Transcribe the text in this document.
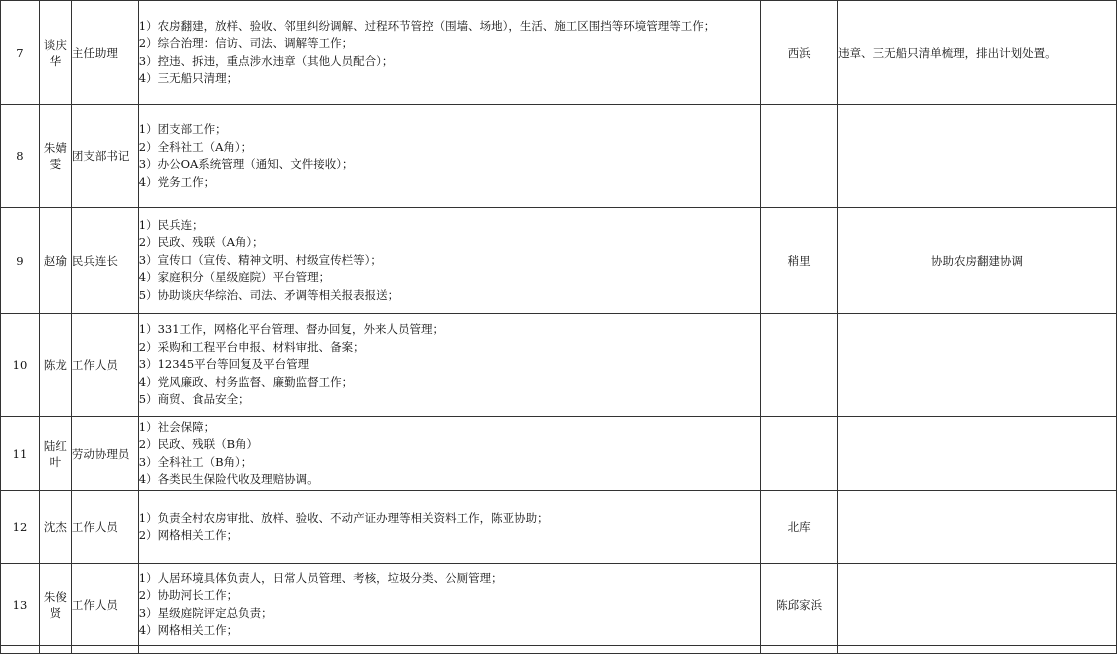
7	谈庆华	主任助理	1）农房翻建，放样、验收、邻里纠纷调解、过程环节管控（围墙、场地），生活、施工区围挡等环境管理等工作；
2）综合治理：信访、司法、调解等工作；
3）控违、拆违，重点涉水违章（其他人员配合）；
4）三无船只清理；	西浜	违章、三无船只清单梳理，排出计划处置。
8	朱婧雯	团支部书记	1）团支部工作；
2）全科社工（A角）；
3）办公OA系统管理（通知、文件接收）；
4）党务工作；		

9	赵瑜	民兵连长	1）民兵连；
2）民政、残联（A角）；
3）宣传口（宣传、精神文明、村级宣传栏等）；
4）家庭积分（星级庭院）平台管理；
5）协助谈庆华综治、司法、矛调等相关报表报送；	稍里	协助农房翻建协调
10	陈龙	工作人员	1）331工作，网格化平台管理、督办回复，外来人员管理；
2）采购和工程平台申报、材料审批、备案；
3）12345平台等回复及平台管理
4）党风廉政、村务监督、廉勤监督工作；
5）商贸、食品安全；		

11	陆红叶	劳动协理员	1）社会保障；
2）民政、残联（B角）
3）全科社工（B角）；
4）各类民生保险代收及理赔协调。		

12	沈杰	工作人员	1）负责全村农房审批、放样、验收、不动产证办理等相关资料工作，陈亚协助；
2）网格相关工作；	北库	
13	朱俊贤	工作人员	1）人居环境具体负责人，日常人员管理、考核，垃圾分类、公厕管理；
2）协助河长工作；
3）星级庭院评定总负责；
4）网格相关工作；	陈邱家浜	
